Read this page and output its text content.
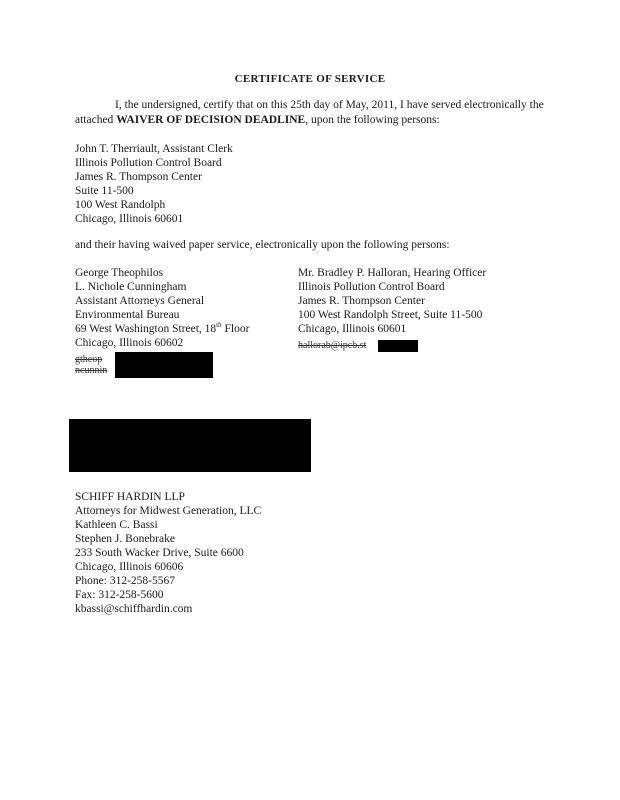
CERTIFICATE OF SERVICE
I, the undersigned, certify that on this 25th day of May, 2011, I have served electronically the attached WAIVER OF DECISION DEADLINE, upon the following persons:
John T. Therriault, Assistant Clerk
Illinois Pollution Control Board
James R. Thompson Center
Suite 11-500
100 West Randolph
Chicago, Illinois 60601
and their having waived paper service, electronically upon the following persons:
George Theophilos
L. Nichole Cunningham
Assistant Attorneys General
Environmental Bureau
69 West Washington Street, 18th Floor
Chicago, Illinois 60602
Mr. Bradley P. Halloran, Hearing Officer
Illinois Pollution Control Board
James R. Thompson Center
100 West Randolph Street, Suite 11-500
Chicago, Illinois 60601
gtheop
ncunnin
hallorab@ipcb.st
SCHIFF HARDIN LLP
Attorneys for Midwest Generation, LLC
Kathleen C. Bassi
Stephen J. Bonebrake
233 South Wacker Drive, Suite 6600
Chicago, Illinois 60606
Phone: 312-258-5567
Fax: 312-258-5600
kbassi@schiffhardin.com
